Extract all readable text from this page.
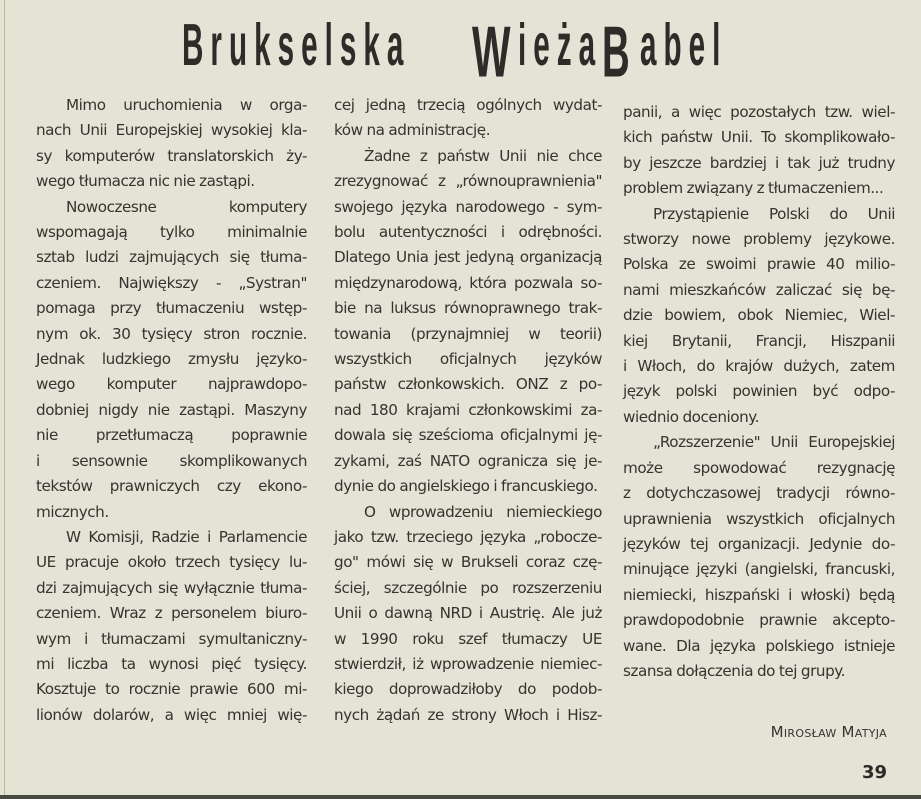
Brukselska W ieża B abel
Mimo uruchomienia w orga-
nach Unii Europejskiej wysokiej kla-
sy komputerów translatorskich ży-
wego tłumacza nic nie zastąpi.
Nowoczesne komputery
wspomagają tylko minimalnie
sztab ludzi zajmujących się tłuma-
czeniem. Największy - „Systran"
pomaga przy tłumaczeniu wstęp-
nym ok. 30 tysięcy stron rocznie.
Jednak ludzkiego zmysłu języko-
wego komputer najprawdopo-
dobniej nigdy nie zastąpi. Maszyny
nie przetłumaczą poprawnie
i sensownie skomplikowanych
tekstów prawniczych czy ekono-
micznych.
W Komisji, Radzie i Parlamencie
UE pracuje około trzech tysięcy lu-
dzi zajmujących się wyłącznie tłuma-
czeniem. Wraz z personelem biuro-
wym i tłumaczami symultaniczny-
mi liczba ta wynosi pięć tysięcy.
Kosztuje to rocznie prawie 600 mi-
lionów dolarów, a więc mniej wię-
cej jedną trzecią ogólnych wydat-
ków na administrację.
Żadne z państw Unii nie chce
zrezygnować z „równouprawnienia"
swojego języka narodowego - sym-
bolu autentyczności i odrębności.
Dlatego Unia jest jedyną organizacją
międzynarodową, która pozwala so-
bie na luksus równoprawnego trak-
towania (przynajmniej w teorii)
wszystkich oficjalnych języków
państw członkowskich. ONZ z po-
nad 180 krajami członkowskimi za-
dowala się sześcioma oficjalnymi ję-
zykami, zaś NATO ogranicza się je-
dynie do angielskiego i francuskiego.
O wprowadzeniu niemieckiego
jako tzw. trzeciego języka „robocze-
go" mówi się w Brukseli coraz czę-
ściej, szczególnie po rozszerzeniu
Unii o dawną NRD i Austrię. Ale już
w 1990 roku szef tłumaczy UE
stwierdził, iż wprowadzenie niemiec-
kiego doprowadziłoby do podob-
nych żądań ze strony Włoch i Hisz-
panii, a więc pozostałych tzw. wiel-
kich państw Unii. To skomplikowało-
by jeszcze bardziej i tak już trudny
problem związany z tłumaczeniem...
Przystąpienie Polski do Unii
stworzy nowe problemy językowe.
Polska ze swoimi prawie 40 milio-
nami mieszkańców zaliczać się bę-
dzie bowiem, obok Niemiec, Wiel-
kiej Brytanii, Francji, Hiszpanii
i Włoch, do krajów dużych, zatem
język polski powinien być odpo-
wiednio doceniony.
„Rozszerzenie" Unii Europejskiej
może spowodować rezygnację
z dotychczasowej tradycji równo-
uprawnienia wszystkich oficjalnych
języków tej organizacji. Jedynie do-
minujące języki (angielski, francuski,
niemiecki, hiszpański i włoski) będą
prawdopodobnie prawnie akcepto-
wane. Dla języka polskiego istnieje
szansa dołączenia do tej grupy.
Mirosław Matyja
39
